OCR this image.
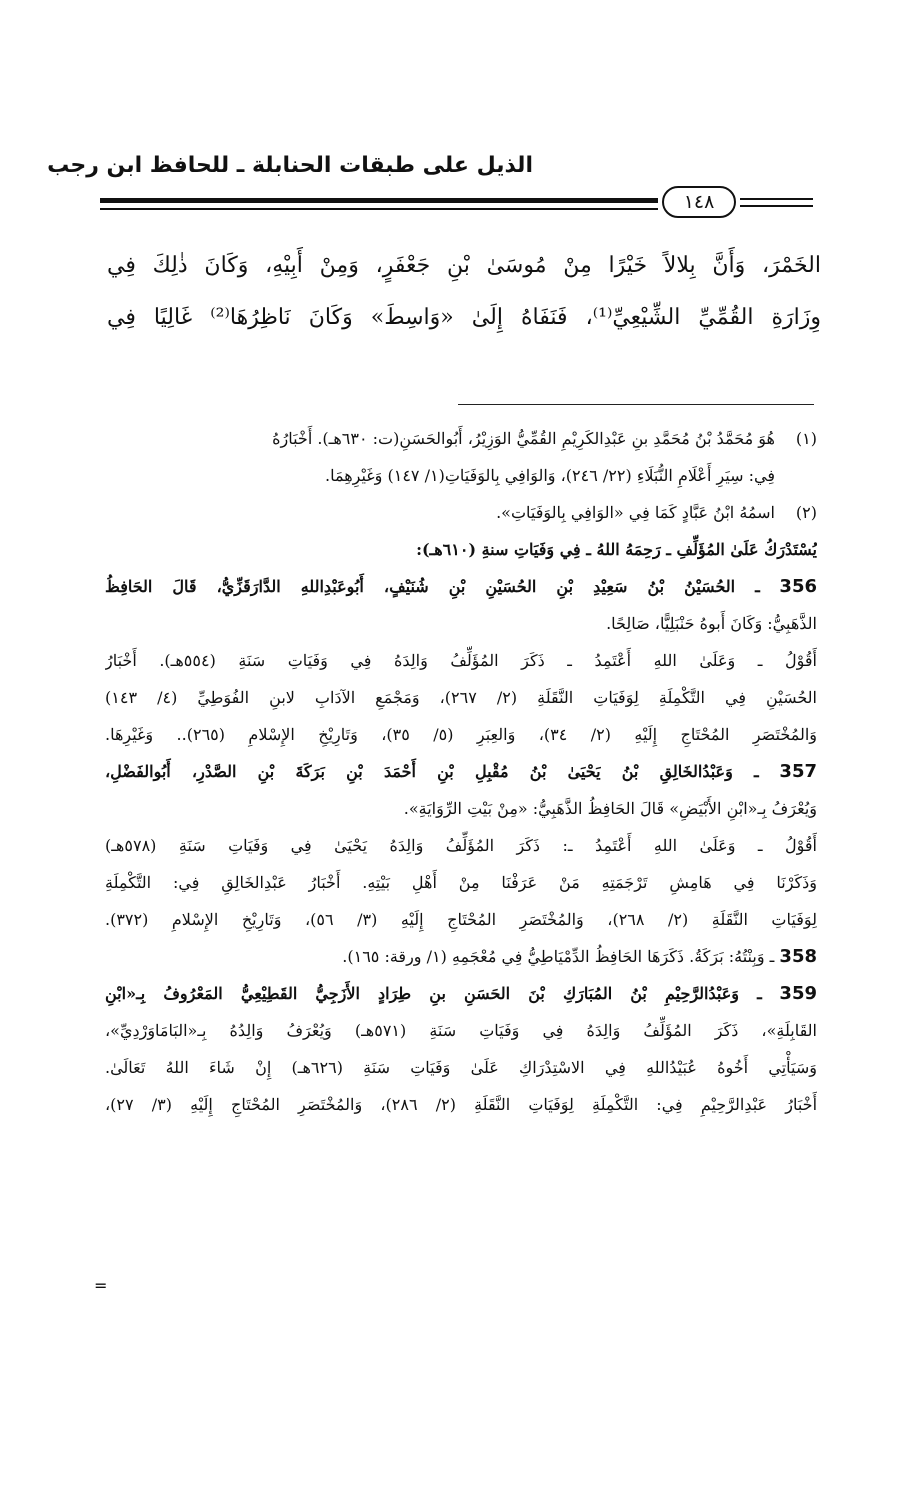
الذيل على طبقات الحنابلة ـ للحافظ ابن رجب
١٤٨
الخَمْرَ، وَأَنَّ بِلالاً خَيْرًا مِنْ مُوسَىٰ بْنِ جَعْفَرٍ، وَمِنْ أَبِيْهِ، وَكَانَ ذٰلِكَ فِي
وِزَارَةِ القُمِّيِّ الشِّيْعِيِّ⁽¹⁾، فَنَفَاهُ إِلَىٰ «وَاسِطَ» وَكَانَ نَاظِرُهَا⁽²⁾ غَالِيًا فِي
(١)
هُوَ مُحَمَّدُ بْنُ مُحَمَّدِ بنِ عَبْدِالكَرِيْمِ القُمِّيُّ الوَزِيْرُ، أَبُوالحَسَنِ(ت: ٦٣٠هـ). أَخْبَارُهُ
فِي: سِيَرِ أَعْلَامِ النُّبَلَاءِ (٢٢/ ٢٤٦)، وَالوَافِي بِالوَفَيَاتِ(١/ ١٤٧) وَغَيْرِهِمَا.
(٢)
اسمُهُ ابْنُ عَبَّادٍ كَمَا فِي «الوَافِي بِالوَفَيَاتِ».
يُسْتَدْرَكُ عَلَىٰ المُؤَلِّفِ ـ رَحِمَهُ اللهُ ـ فِي وَفَيَاتِ سنةِ (٦١٠هـ):
356 ـ الحُسَيْنُ بْنُ سَعِيْدِ بْنِ الحُسَيْنِ بْنِ شُنَيْفٍ، أَبُوعَبْدِاللهِ الدَّارَقَزِّيُّ، قَالَ الحَافِظُ
الذَّهَبِيُّ: وَكَانَ أَبوهُ حَنْبَلِيًّا، صَالِحًا.
أَقُوْلُ ـ وَعَلَىٰ اللهِ أَعْتَمِدُ ـ ذَكَرَ المُؤَلِّفُ وَالِدَهُ فِي وَفَيَاتِ سَنَةِ (٥٥٤هـ). أَخْبَارُ
الحُسَيْنِ فِي التَّكْمِلَةِ لِوَفَيَاتِ النَّقَلَةِ (٢/ ٢٦٧)، وَمَجْمَعِ الآدَابِ لابنِ الفُوَطِيِّ (٤/ ١٤٣)
وَالمُخْتَصَرِ المُحْتَاجِ إِلَيْهِ (٢/ ٣٤)، وَالعِبَرِ (٥/ ٣٥)، وَتَارِيْخِ الإِسْلامِ (٢٦٥).. وَغَيْرِهَا.
357 ـ وَعَبْدُالخَالِقِ بْنُ يَحْيَىٰ بْنُ مُقْبِلِ بْنِ أَحْمَدَ بْنِ بَرَكَةَ بْنِ الصَّدْرِ، أَبُوالفَضْلِ،
وَيُعْرَفُ بِـ«ابْنِ الأَبْيَضِ» قَالَ الحَافِظُ الذَّهَبِيُّ: «مِنْ بَيْتِ الرِّوَايَةِ».
أَقُوْلُ ـ وَعَلَىٰ اللهِ أَعْتَمِدُ ـ: ذَكَرَ المُؤَلِّفُ وَالِدَهُ يَحْيَىٰ فِي وَفَيَاتِ سَنَةِ (٥٧٨هـ)
وَذَكَرْنَا فِي هَامِشِ تَرْجَمَتِهِ مَنْ عَرَفْنَا مِنْ أَهْلِ بَيْتِهِ. أَخْبَارُ عَبْدِالخَالِقِ فِي: التَّكْمِلَةِ
لِوَفَيَاتِ النَّقَلَةِ (٢/ ٢٦٨)، وَالمُخْتَصَرِ المُحْتَاجِ إِلَيْهِ (٣/ ٥٦)، وَتَارِيْخِ الإِسْلامِ (٣٧٢).
358 ـ وَبِنْتُهُ: بَرَكَةُ. ذَكَرَهَا الحَافِظُ الدِّمْيَاطِيُّ فِي مُعْجَمِهِ (١/ ورقة: ١٦٥).
359 ـ وَعَبْدُالرَّحِيْمِ بْنُ المُبَارَكِ بْنَ الحَسَنِ بنِ طِرَادٍ الأَزَجِيُّ القَطِيْعِيُّ المَعْرُوفُ بِـ«ابْنِ
القَابِلَةِ»، ذَكَرَ المُؤَلِّفُ وَالِدَهُ فِي وَفَيَاتِ سَنَةِ (٥٧١هـ) وَيُعْرَفُ وَالِدُهُ بِـ«البَامَاوَرْدِيِّ»،
وَسَيَأْتِي أَخُوهُ عُبَيْدُاللهِ فِي الاسْتِدْرَاكِ عَلَىٰ وَفَيَاتِ سَنَةِ (٦٢٦هـ) إِنْ شَاءَ اللهُ تَعَالَىٰ.
أَخْبَارُ عَبْدِالرَّحِيْمِ فِي: التَّكْمِلَةِ لِوَفَيَاتِ النَّقَلَةِ (٢/ ٢٨٦)، وَالمُخْتَصَرِ المُحْتَاجِ إِلَيْهِ (٣/ ٢٧)،
=
